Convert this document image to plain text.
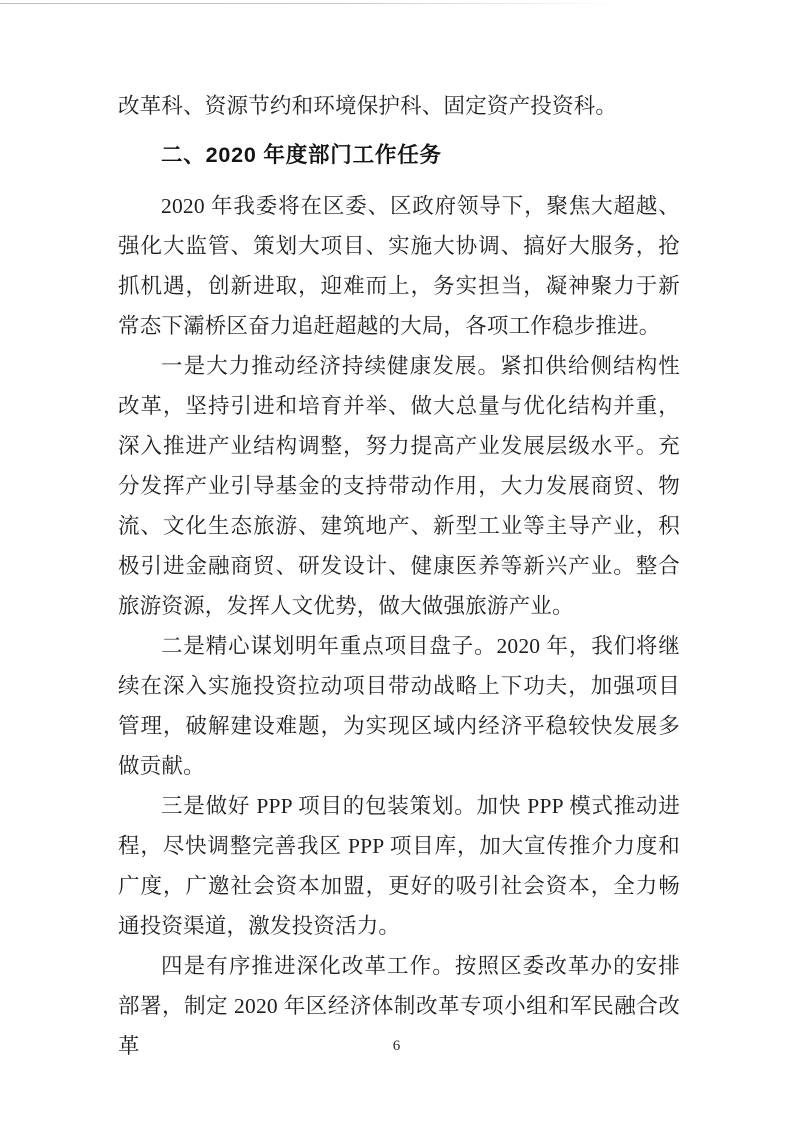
改革科、资源节约和环境保护科、固定资产投资科。

二、2020 年度部门工作任务

2020 年我委将在区委、区政府领导下，聚焦大超越、强化大监管、策划大项目、实施大协调、搞好大服务，抢抓机遇，创新进取，迎难而上，务实担当，凝神聚力于新常态下灞桥区奋力追赶超越的大局，各项工作稳步推进。

一是大力推动经济持续健康发展。紧扣供给侧结构性改革，坚持引进和培育并举、做大总量与优化结构并重，深入推进产业结构调整，努力提高产业发展层级水平。充分发挥产业引导基金的支持带动作用，大力发展商贸、物流、文化生态旅游、建筑地产、新型工业等主导产业，积极引进金融商贸、研发设计、健康医养等新兴产业。整合旅游资源，发挥人文优势，做大做强旅游产业。

二是精心谋划明年重点项目盘子。2020 年，我们将继续在深入实施投资拉动项目带动战略上下功夫，加强项目管理，破解建设难题，为实现区域内经济平稳较快发展多做贡献。

三是做好 PPP 项目的包装策划。加快 PPP 模式推动进程，尽快调整完善我区 PPP 项目库，加大宣传推介力度和广度，广邀社会资本加盟，更好的吸引社会资本，全力畅通投资渠道，激发投资活力。

四是有序推进深化改革工作。按照区委改革办的安排部署，制定 2020 年区经济体制改革专项小组和军民融合改革	6
